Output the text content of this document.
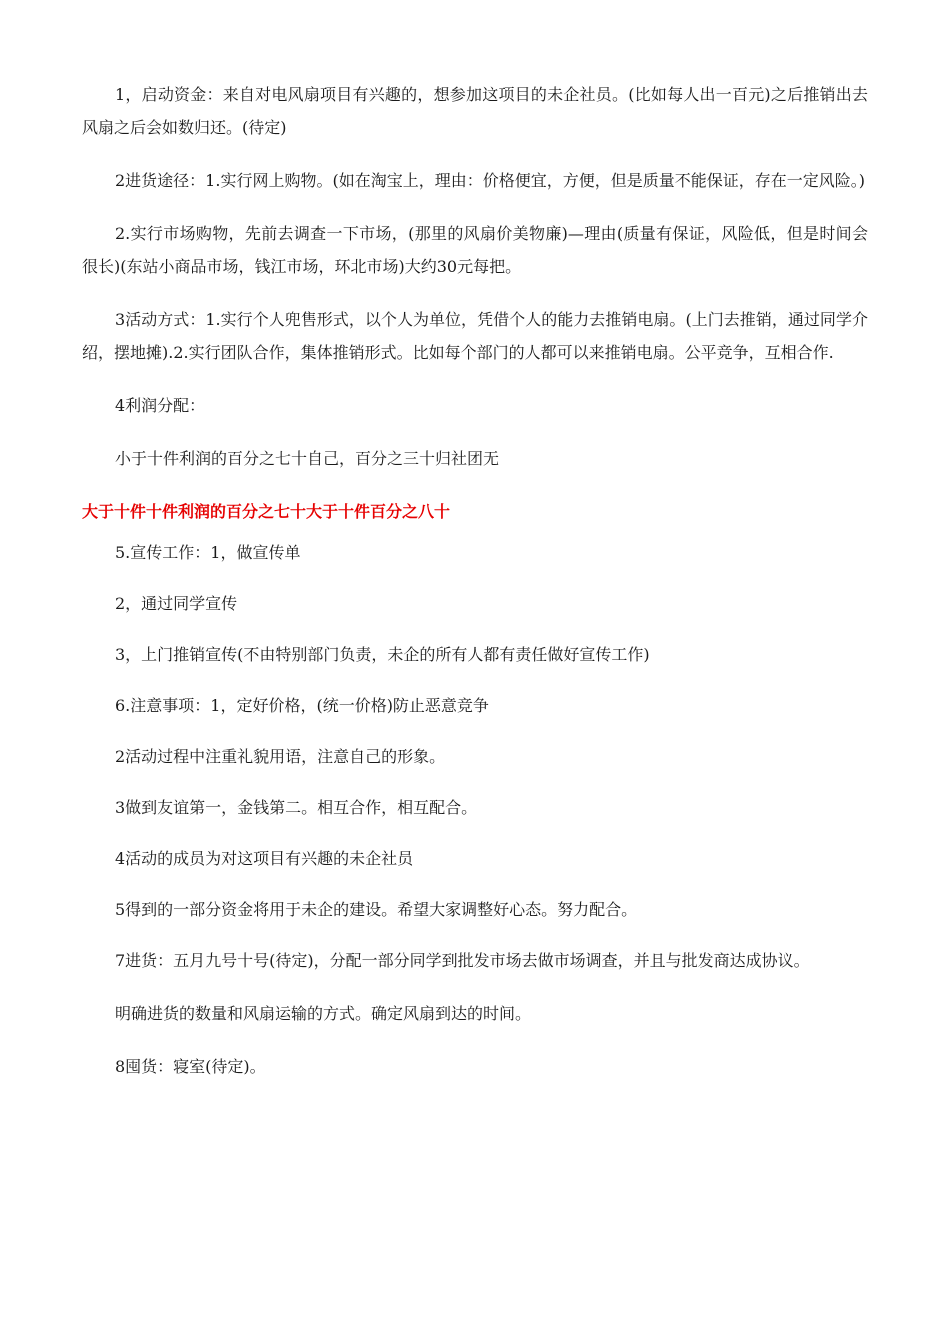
1，启动资金：来自对电风扇项目有兴趣的，想参加这项目的未企社员。(比如每人出一百元)之后推销出去风扇之后会如数归还。(待定)

2进货途径：1.实行网上购物。(如在淘宝上，理由：价格便宜，方便，但是质量不能保证，存在一定风险。)

2.实行市场购物，先前去调查一下市场，(那里的风扇价美物廉)—理由(质量有保证，风险低，但是时间会很长)(东站小商品市场，钱江市场，环北市场)大约30元每把。

3活动方式：1.实行个人兜售形式，以个人为单位，凭借个人的能力去推销电扇。(上门去推销，通过同学介绍，摆地摊).2.实行团队合作，集体推销形式。比如每个部门的人都可以来推销电扇。公平竞争，互相合作.

4利润分配：

小于十件利润的百分之七十自己，百分之三十归社团无

大于十件十件利润的百分之七十大于十件百分之八十

5.宣传工作：1，做宣传单

2，通过同学宣传

3，上门推销宣传(不由特别部门负责，未企的所有人都有责任做好宣传工作)

6.注意事项：1，定好价格，(统一价格)防止恶意竞争

2活动过程中注重礼貌用语，注意自己的形象。

3做到友谊第一，金钱第二。相互合作，相互配合。

4活动的成员为对这项目有兴趣的未企社员

5得到的一部分资金将用于未企的建设。希望大家调整好心态。努力配合。

7进货：五月九号十号(待定)，分配一部分同学到批发市场去做市场调查，并且与批发商达成协议。

明确进货的数量和风扇运输的方式。确定风扇到达的时间。

8囤货：寝室(待定)。
